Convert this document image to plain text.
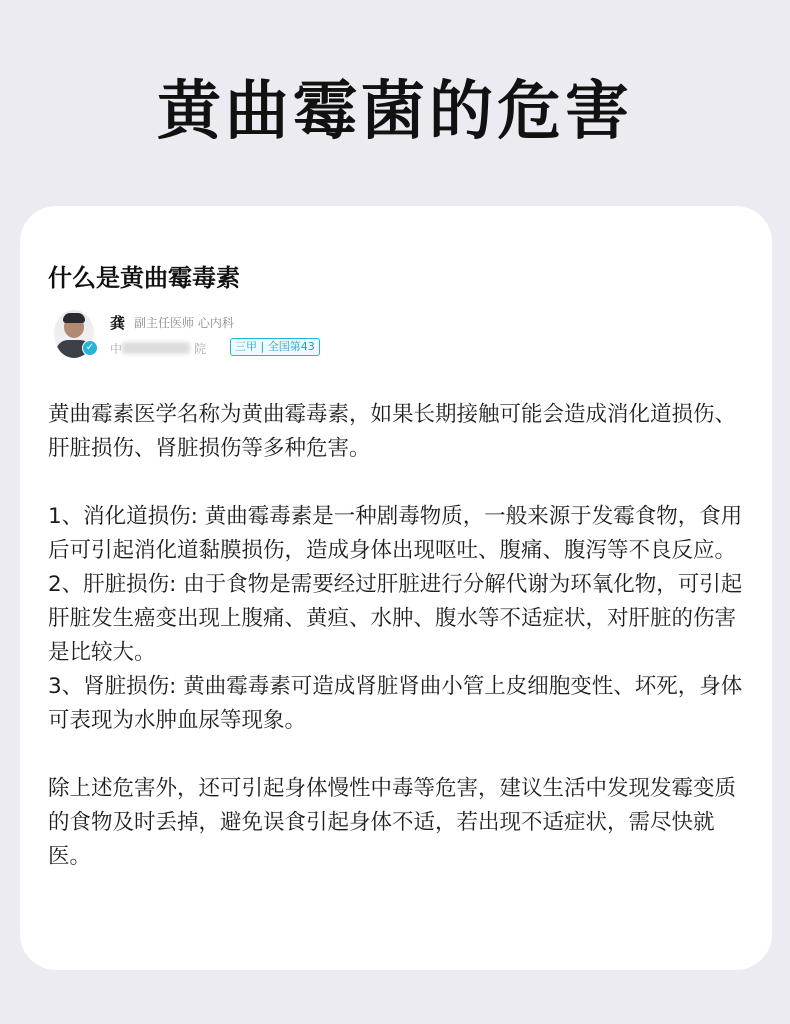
黄曲霉菌的危害
什么是黄曲霉毒素
✓
龚 副主任医师 心内科
中	院	三甲 | 全国第43

黄曲霉素医学名称为黄曲霉毒素，如果长期接触可能会造成消化道损伤、肝脏损伤、肾脏损伤等多种危害。

1、消化道损伤: 黄曲霉毒素是一种剧毒物质，一般来源于发霉食物，食用后可引起消化道黏膜损伤，造成身体出现呕吐、腹痛、腹泻等不良反应。

2、肝脏损伤: 由于食物是需要经过肝脏进行分解代谢为环氧化物，可引起肝脏发生癌变出现上腹痛、黄疸、水肿、腹水等不适症状，对肝脏的伤害是比较大。

3、肾脏损伤: 黄曲霉毒素可造成肾脏肾曲小管上皮细胞变性、坏死，身体可表现为水肿血尿等现象。

除上述危害外，还可引起身体慢性中毒等危害，建议生活中发现发霉变质的食物及时丢掉，避免误食引起身体不适，若出现不适症状，需尽快就医。
